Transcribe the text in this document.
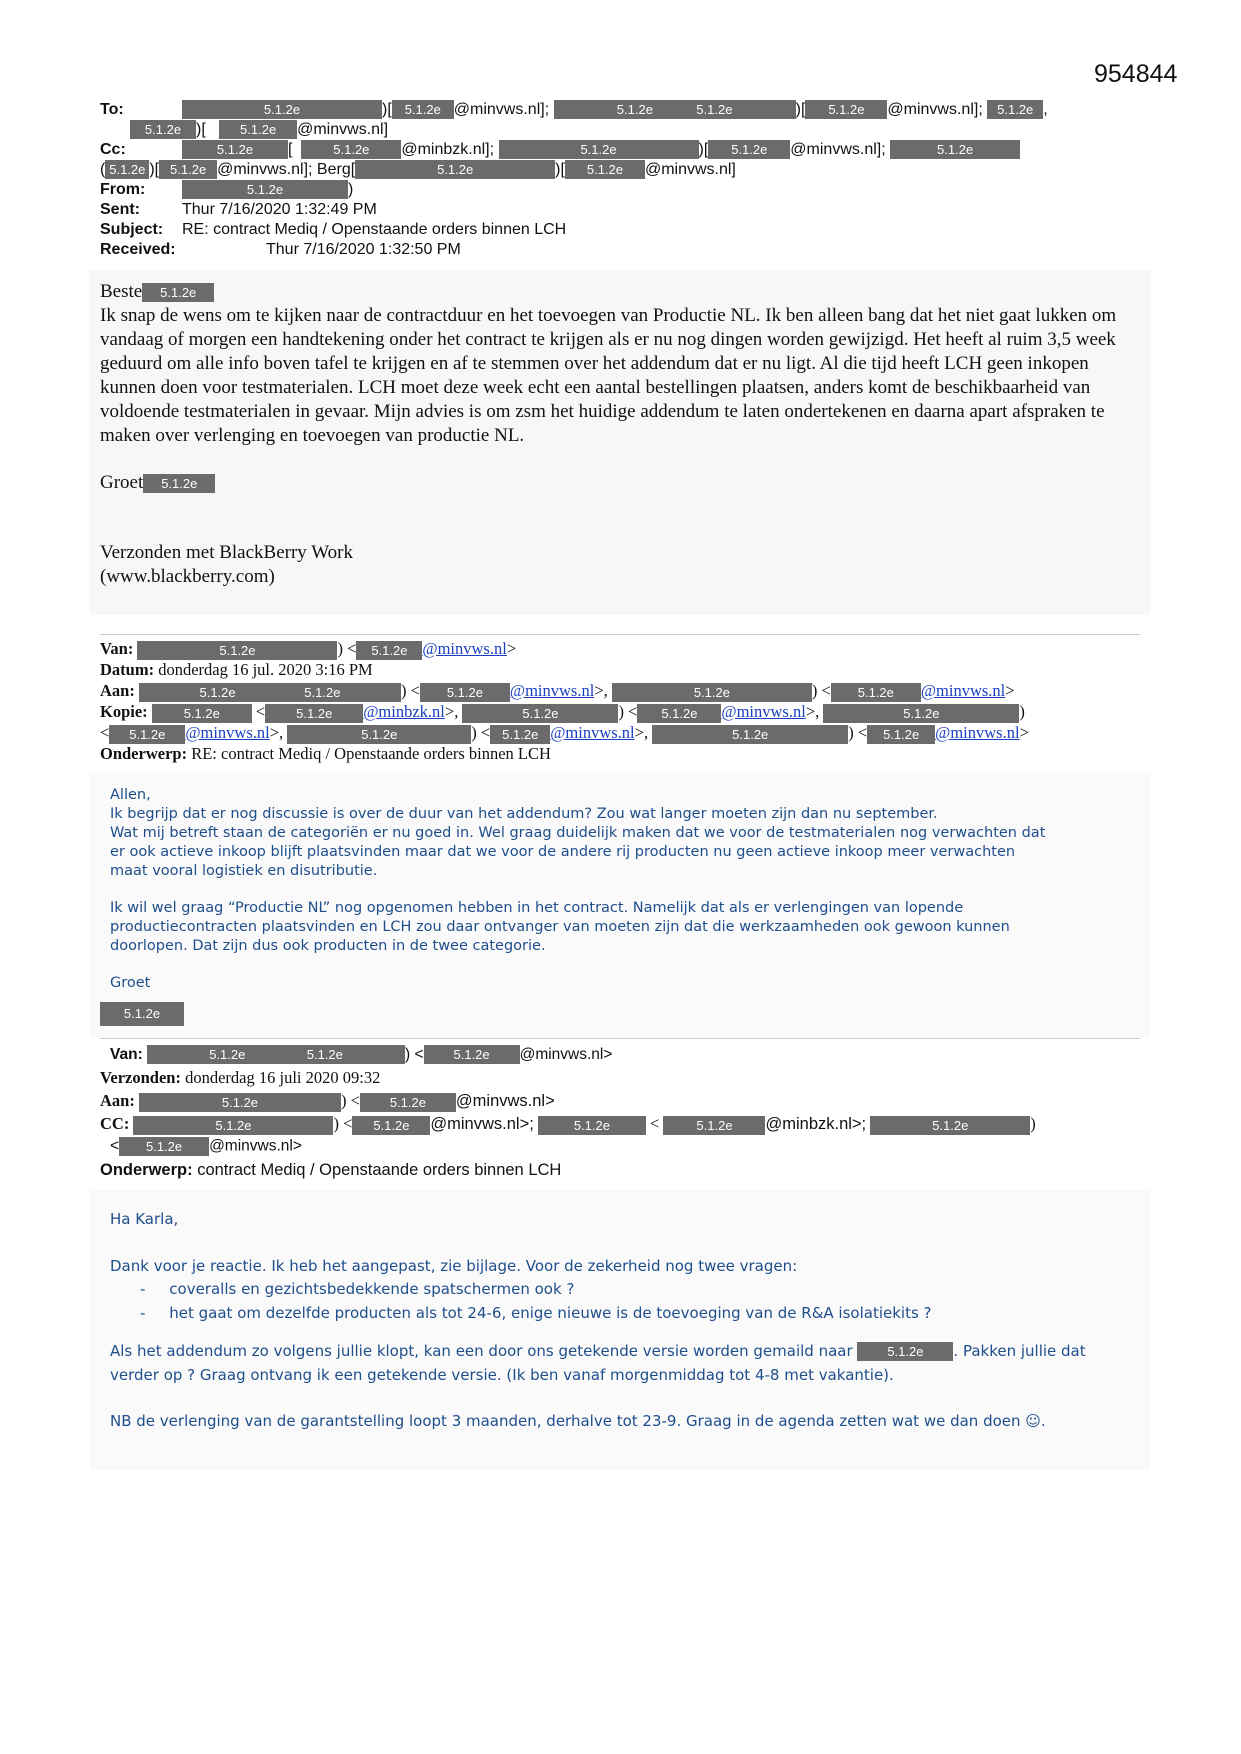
954844
To:	5.1.2e	)[ 5.1.2e @minvws.nl];	5.1.2e	5.1.2e	)[ 5.1.2e @minvws.nl]; 5.1.2e ,
5.1.2e )[   5.1.2e @minvws.nl]
Cc:	5.1.2e [  5.1.2e @minbzk.nl];	5.1.2e	)[ 5.1.2e @minvws.nl];	5.1.2e
( 5.1.2e )[ 5.1.2e @minvws.nl]; Berg[	5.1.2e	)[ 5.1.2e @minvws.nl]
From:	5.1.2e	)
Sent:	Thur 7/16/2020 1:32:49 PM
Subject: RE: contract Mediq / Openstaande orders binnen LCH
Received:	Thur 7/16/2020 1:32:50 PM
Beste 5.1.2e
Ik snap de wens om te kijken naar de contractduur en het toevoegen van Productie NL. Ik ben alleen bang dat het niet gaat lukken om vandaag of morgen een handtekening onder het contract te krijgen als er nu nog dingen worden gewijzigd. Het heeft al ruim 3,5 week geduurd om alle info boven tafel te krijgen en af te stemmen over het addendum dat er nu ligt. Al die tijd heeft LCH geen inkopen kunnen doen voor testmaterialen. LCH moet deze week echt een aantal bestellingen plaatsen, anders komt de beschikbaarheid van voldoende testmaterialen in gevaar. Mijn advies is om zsm het huidige addendum te laten ondertekenen en daarna apart afspraken te maken over verlenging en toevoegen van productie NL.
Groet 5.1.2e
Verzonden met BlackBerry Work
(www.blackberry.com)
Van:	5.1.2e	) < 5.1.2e @minvws.nl>
Datum: donderdag 16 jul. 2020 3:16 PM
Aan:	5.1.2e	5.1.2e	) < 5.1.2e @minvws.nl>,	5.1.2e	) < 5.1.2e @minvws.nl>
Kopie:	5.1.2e < 5.1.2e @minbzk.nl>,	5.1.2e	) < 5.1.2e @minvws.nl>,	5.1.2e	)
< 5.1.2e @minvws.nl>,	5.1.2e	) < 5.1.2e @minvws.nl>,	5.1.2e	) < 5.1.2e @minvws.nl>
Onderwerp: RE: contract Mediq / Openstaande orders binnen LCH
Allen,
Ik begrijp dat er nog discussie is over de duur van het addendum? Zou wat langer moeten zijn dan nu september.
Wat mij betreft staan de categoriën er nu goed in. Wel graag duidelijk maken dat we voor de testmaterialen nog verwachten dat
er ook actieve inkoop blijft plaatsvinden maar dat we voor de andere rij producten nu geen actieve inkoop meer verwachten
maat vooral logistiek en disutributie.
Ik wil wel graag “Productie NL” nog opgenomen hebben in het contract. Namelijk dat als er verlengingen van lopende
productiecontracten plaatsvinden en LCH zou daar ontvanger van moeten zijn dat die werkzaamheden ook gewoon kunnen
doorlopen. Dat zijn dus ook producten in de twee categorie.
Groet
5.1.2e
Van:	5.1.2e	5.1.2e	) < 5.1.2e @minvws.nl>
Verzonden: donderdag 16 juli 2020 09:32
Aan:	5.1.2e	) < 5.1.2e @minvws.nl>
CC:	5.1.2e	) < 5.1.2e @minvws.nl>;	5.1.2e <	5.1.2e @minbzk.nl>;	5.1.2e	)
< 5.1.2e @minvws.nl>
Onderwerp: contract Mediq / Openstaande orders binnen LCH
Ha Karla,
Dank voor je reactie. Ik heb het aangepast, zie bijlage. Voor de zekerheid nog twee vragen:
- coveralls en gezichtsbedekkende spatschermen ook ?
- het gaat om dezelfde producten als tot 24-6, enige nieuwe is de toevoeging van de R&A isolatiekits ?
Als het addendum zo volgens jullie klopt, kan een door ons getekende versie worden gemaild naar	5.1.2e . Pakken jullie dat
verder op ? Graag ontvang ik een getekende versie. (Ik ben vanaf morgenmiddag tot 4-8 met vakantie).
NB de verlenging van de garantstelling loopt 3 maanden, derhalve tot 23-9. Graag in de agenda zetten wat we dan doen ☺.
